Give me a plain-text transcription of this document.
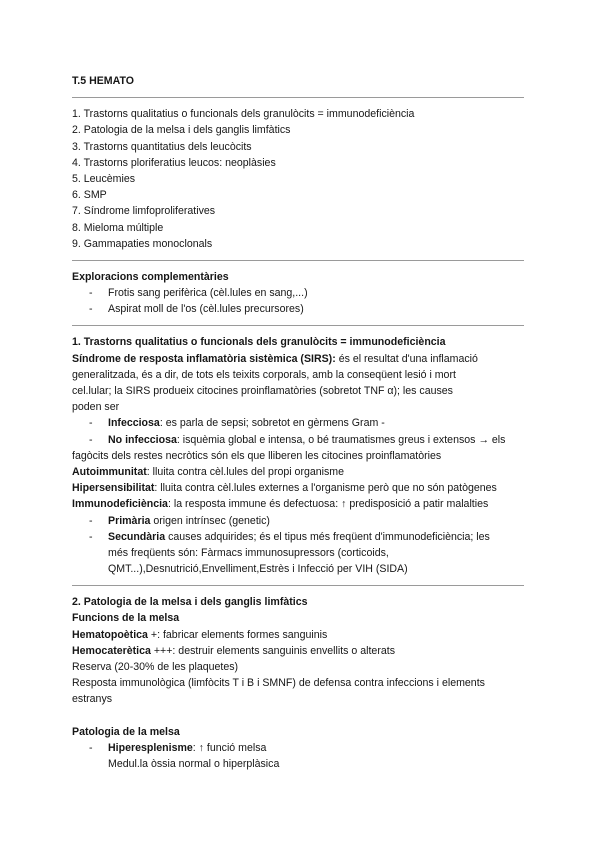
T.5 HEMATO
1. Trastorns qualitatius o funcionals dels granulòcits = immunodeficiència
2. Patologia de la melsa i dels ganglis limfàtics
3. Trastorns quantitatius dels leucòcits
4. Trastorns ploriferatius leucos: neoplàsies
5. Leucèmies
6. SMP
7. Síndrome limfoproliferatives
8. Mieloma múltiple
9. Gammapaties monoclonals
Exploracions complementàries
- Frotis sang perifèrica (cèl.lules en sang,...)
- Aspirat moll de l'os (cèl.lules precursores)
1. Trastorns qualitatius o funcionals dels granulòcits = immunodeficiència
Síndrome de resposta inflamatòria sistèmica (SIRS): és el resultat d'una inflamació
generalitzada, és a dir, de tots els teixits corporals, amb la conseqüent lesió i mort
cel.lular; la SIRS produeix citocines proinflamatòries (sobretot TNF α); les causes
poden ser
- Infecciosa: es parla de sepsi; sobretot en gèrmens Gram -
- No infecciosa: isquèmia global e intensa, o bé traumatismes greus i extensos → els
fagòcits dels restes necròtics són els que lliberen les citocines proinflamatòries
Autoimmunitat: lluita contra cèl.lules del propi organisme
Hipersensibilitat: lluita contra cèl.lules externes a l'organisme però que no són patògenes
Immunodeficiència: la resposta immune és defectuosa: ↑ predisposició a patir malalties
- Primària origen intrínsec (genetic)
- Secundària causes adquirides; és el tipus més freqüent d'immunodeficiència; les
més freqüents són: Fàrmacs immunosupressors (corticoids,
QMT...),Desnutrició,Envelliment,Estrès i Infecció per VIH (SIDA)
2. Patologia de la melsa i dels ganglis limfàtics
Funcions de la melsa
Hematopoètica +: fabricar elements formes sanguinis
Hemocaterètica +++: destruir elements sanguinis envellits o alterats
Reserva (20-30% de les plaquetes)
Resposta immunològica (limfòcits T i B i SMNF) de defensa contra infeccions i elements
estranys
Patologia de la melsa
- Hiperesplenisme: ↑ funció melsa
Medul.la òssia normal o hiperplàsica
